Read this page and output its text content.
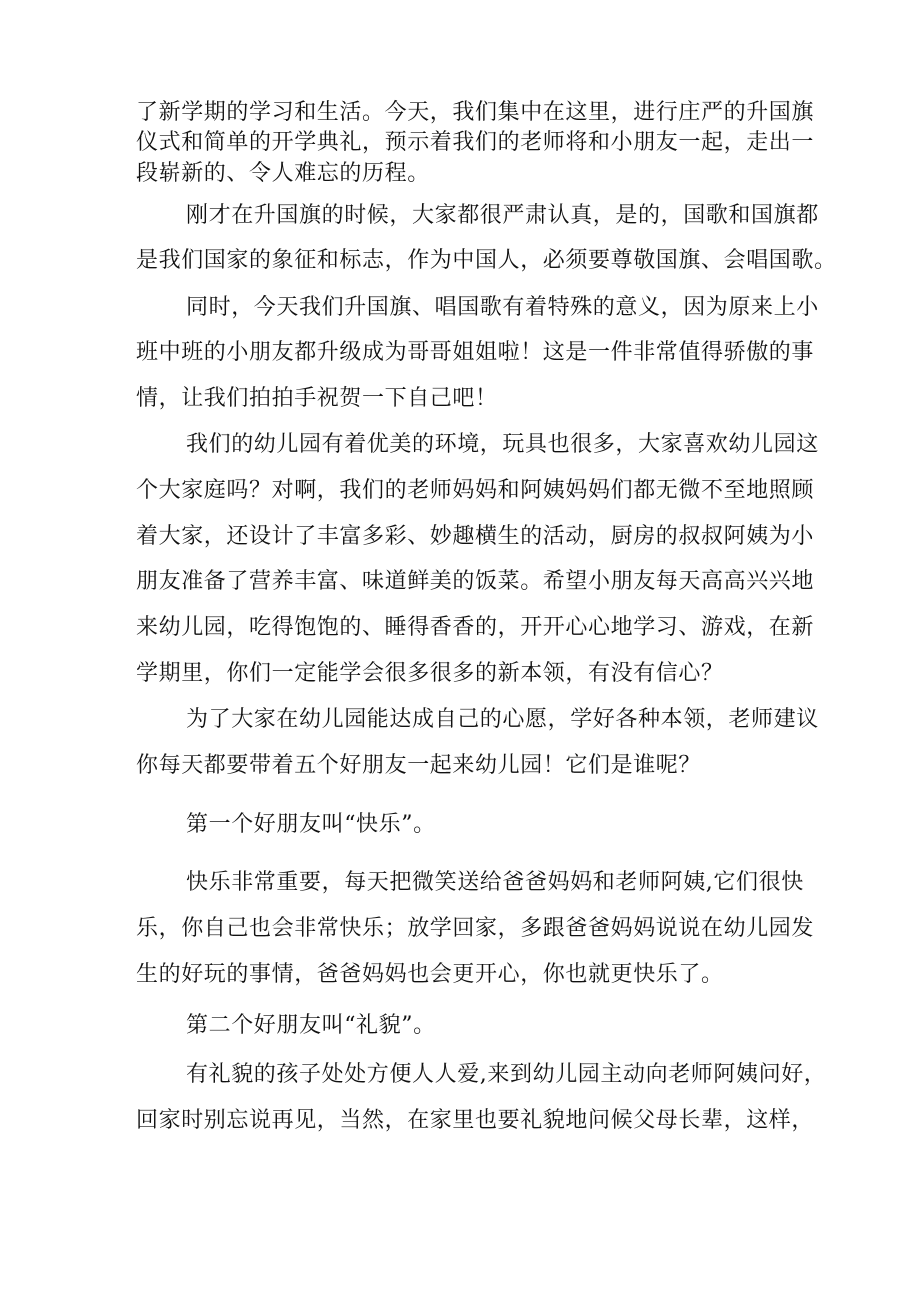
了新学期的学习和生活。今天，我们集中在这里，进行庄严的升国旗
仪式和简单的开学典礼，预示着我们的老师将和小朋友一起，走出一
段崭新的、令人难忘的历程。
刚才在升国旗的时候，大家都很严肃认真，是的，国歌和国旗都
是我们国家的象征和标志，作为中国人，必须要尊敬国旗、会唱国歌。
同时，今天我们升国旗、唱国歌有着特殊的意义，因为原来上小
班中班的小朋友都升级成为哥哥姐姐啦！这是一件非常值得骄傲的事
情，让我们拍拍手祝贺一下自己吧！
我们的幼儿园有着优美的环境，玩具也很多，大家喜欢幼儿园这
个大家庭吗？对啊，我们的老师妈妈和阿姨妈妈们都无微不至地照顾
着大家，还设计了丰富多彩、妙趣横生的活动，厨房的叔叔阿姨为小
朋友准备了营养丰富、味道鲜美的饭菜。希望小朋友每天高高兴兴地
来幼儿园，吃得饱饱的、睡得香香的，开开心心地学习、游戏，在新
学期里，你们一定能学会很多很多的新本领，有没有信心？
为了大家在幼儿园能达成自己的心愿，学好各种本领，老师建议
你每天都要带着五个好朋友一起来幼儿园！它们是谁呢？
第一个好朋友叫“快乐”。
快乐非常重要，每天把微笑送给爸爸妈妈和老师阿姨,它们很快
乐，你自己也会非常快乐；放学回家，多跟爸爸妈妈说说在幼儿园发
生的好玩的事情，爸爸妈妈也会更开心，你也就更快乐了。
第二个好朋友叫“礼貌”。
有礼貌的孩子处处方便人人爱,来到幼儿园主动向老师阿姨问好，
回家时别忘说再见，当然，在家里也要礼貌地问候父母长辈，这样，
